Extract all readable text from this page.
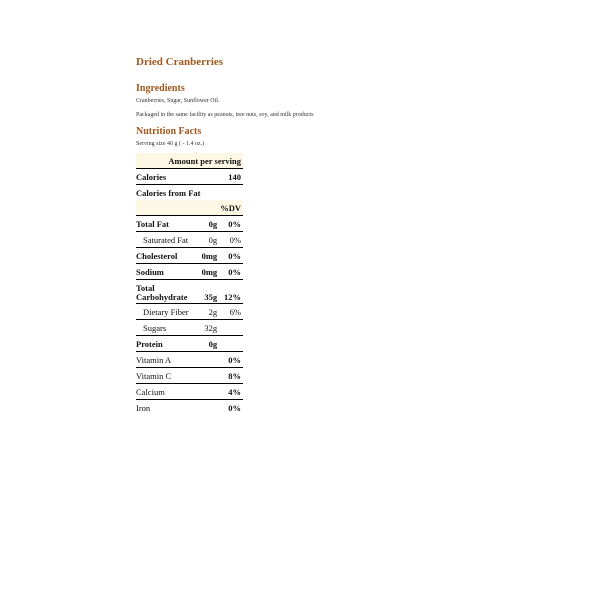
Dried Cranberries

Ingredients

Cranberries, Sugar, Sunflower Oil.

Packaged in the same facility as peanuts, tree nuts, soy, and milk products

Nutrition Facts

Serving size 40 g ( - 1.4 oz.)

Amount per serving		
Calories		140
Calories from Fat		
%DV		
Total Fat	0g	0%
Saturated Fat	0g	0%
Cholesterol	0mg	0%
Sodium	0mg	0%
Total Carbohydrate	35g	12%
Dietary Fiber	2g	6%
Sugars	32g	
Protein	0g	
Vitamin A		0%
Vitamin C		8%
Calcium		4%
Iron		0%
